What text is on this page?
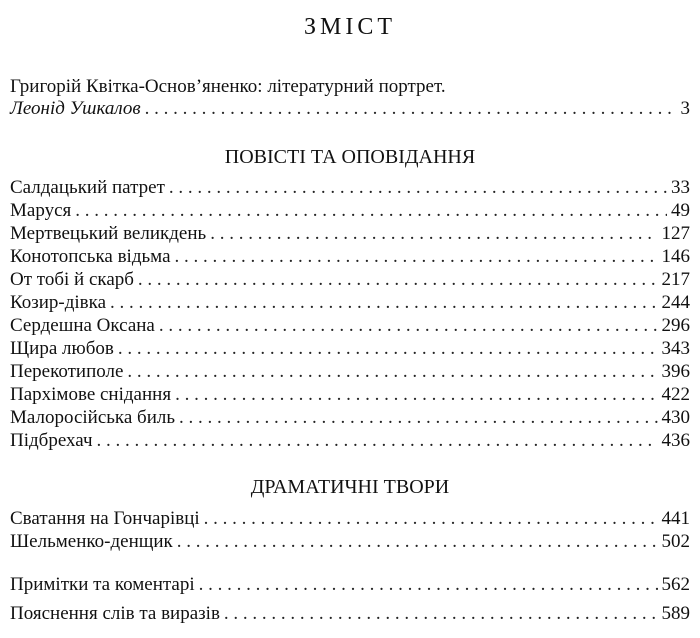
ЗМІСТ
Григорій Квітка-Основ’яненко: літературний портрет.
Леонід Ушкалов . . .	3
ПОВІСТІ ТА ОПОВІДАННЯ
Салдацький патрет . . .	33
Маруся . . .	49
Мертвецький великдень . . .	127
Конотопська відьма . . .	146
От тобі й скарб . . .	217
Козир-дівка . . .	244
Сердешна Оксана . . .	296
Щира любов . . .	343
Перекотиполе . . .	396
Пархімове снідання . . .	422
Малоросійська биль . . .	430
Підбрехач . . .	436
ДРАМАТИЧНІ ТВОРИ
Сватання на Гончарівці . . .	441
Шельменко-денщик . . .	502
Примітки та коментарі . . .	562
Пояснення слів та виразів . . .	589
